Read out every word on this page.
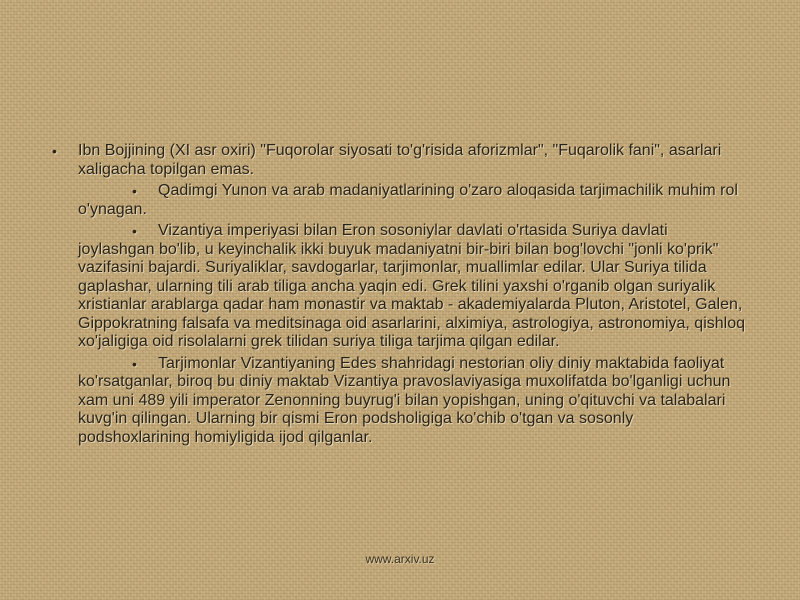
• Ibn Bojjining (XI asr oxiri) "Fuqorolar siyosati to'g'risida aforizmlar", "Fuqarolik fani", asarlari xaligacha topilgan emas.
• Qadimgi Yunon va arab madaniyatlarining o'zaro aloqasida tarjimachilik muhim rol o'ynagan.
• Vizantiya imperiyasi bilan Eron sosoniylar davlati o'rtasida Suriya davlati joylashgan bo'lib, u keyinchalik ikki buyuk madaniyatni bir-biri bilan bog'lovchi "jonli ko'prik" vazifasini bajardi. Suriyaliklar, savdogarlar, tarjimonlar, muallimlar edilar. Ular Suriya tilida gaplashar, ularning tili arab tiliga ancha yaqin edi. Grek tilini yaxshi o'rganib olgan suriyalik xristianlar arablarga qadar ham monastir va maktab - akademiyalarda Pluton, Aristotel, Galen, Gippokratning falsafa va meditsinaga oid asarlarini, alximiya, astrologiya, astronomiya, qishloq xo'jaligiga oid risolalarni grek tilidan suriya tiliga tarjima qilgan edilar.
• Tarjimonlar Vizantiyaning Edes shahridagi nestorian oliy diniy maktabida faoliyat ko'rsatganlar, biroq bu diniy maktab Vizantiya pravoslaviyasiga muxolifatda bo'lganligi uchun xam uni 489 yili imperator Zenonning buyrug'i bilan yopishgan, uning o'qituvchi va talabalari kuvg'in qilingan. Ularning bir qismi Eron podsholigiga ko'chib o'tgan va sosonly podshoxlarining homiyligida ijod qilganlar.
www.arxiv.uz
